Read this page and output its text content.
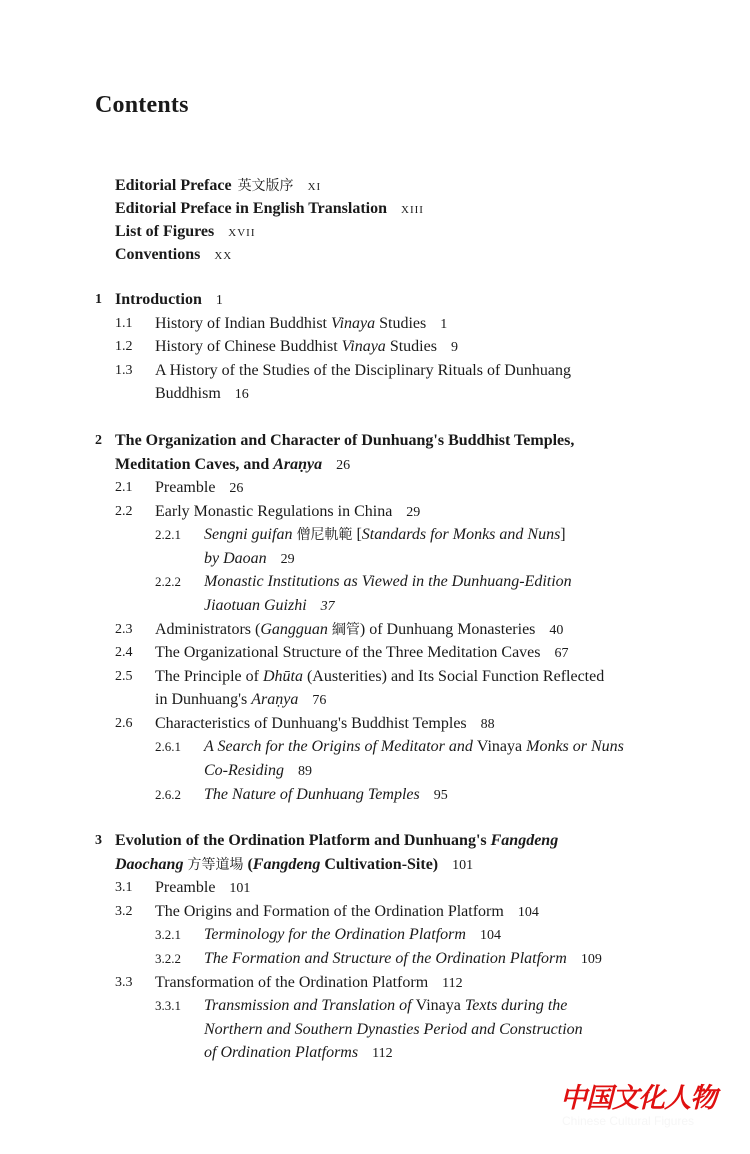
Contents
Editorial Preface 英文版序 xi
Editorial Preface in English Translation xiii
List of Figures xvii
Conventions xx
1 Introduction 1
1.1 History of Indian Buddhist Vinaya Studies 1
1.2 History of Chinese Buddhist Vinaya Studies 9
1.3 A History of the Studies of the Disciplinary Rituals of Dunhuang
Buddhism 16
2 The Organization and Character of Dunhuang's Buddhist Temples,
Meditation Caves, and Araṇya 26
2.1 Preamble 26
2.2 Early Monastic Regulations in China 29
2.2.1 Sengni guifan 僧尼軌範 [Standards for Monks and Nuns]
by Daoan 29
2.2.2 Monastic Institutions as Viewed in the Dunhuang-Edition
Jiaotuan Guizhi 37
2.3 Administrators (Gangguan 綱管) of Dunhuang Monasteries 40
2.4 The Organizational Structure of the Three Meditation Caves 67
2.5 The Principle of Dhūta (Austerities) and Its Social Function Reflected
in Dunhuang's Araṇya 76
2.6 Characteristics of Dunhuang's Buddhist Temples 88
2.6.1 A Search for the Origins of Meditator and Vinaya Monks or Nuns
Co-Residing 89
2.6.2 The Nature of Dunhuang Temples 95
3 Evolution of the Ordination Platform and Dunhuang's Fangdeng
Daochang 方等道場 (Fangdeng Cultivation-Site) 101
3.1 Preamble 101
3.2 The Origins and Formation of the Ordination Platform 104
3.2.1 Terminology for the Ordination Platform 104
3.2.2 The Formation and Structure of the Ordination Platform 109
3.3 Transformation of the Ordination Platform 112
3.3.1 Transmission and Translation of Vinaya Texts during the
Northern and Southern Dynasties Period and Construction
of Ordination Platforms 112
中国文化人物
Chinese Cultural Figures
